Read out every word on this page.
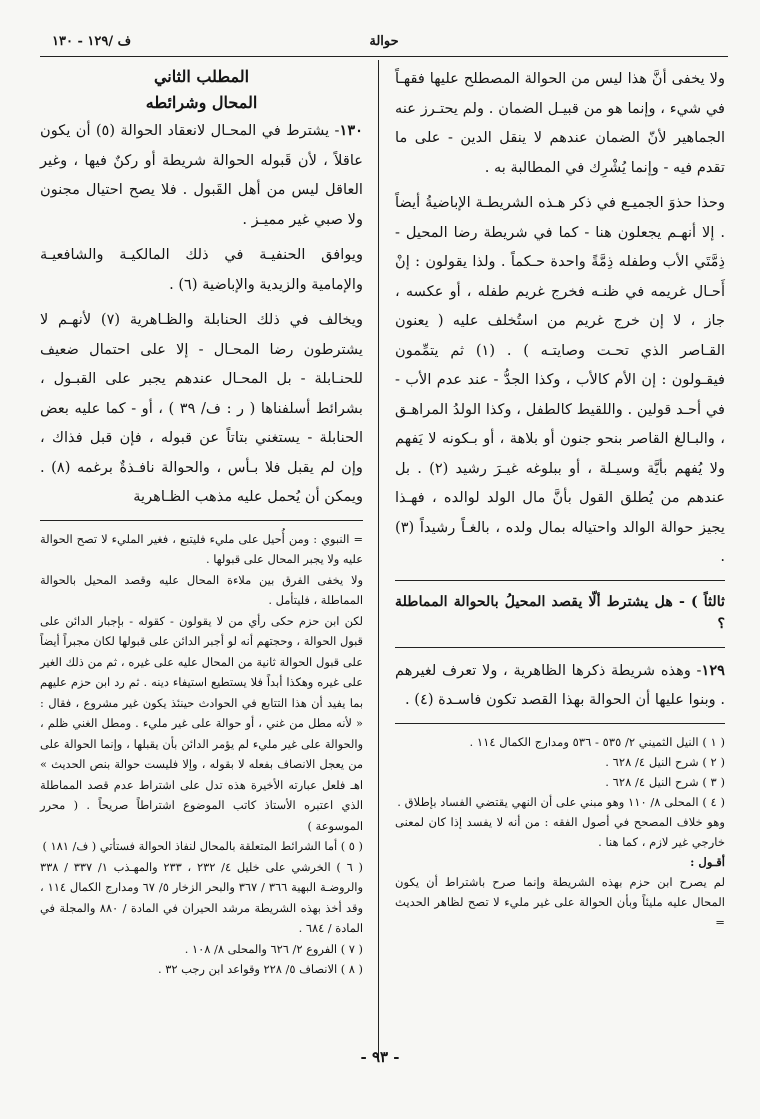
حوالة
ف /١٢٩ - ١٣٠

ولا يخفى أنَّ هذا ليس من الحوالة المصطلح عليها فقهـاً في شيء ، وإنما هو من قبيـل الضمان . ولم يحتـرز عنه الجماهير لأنّ الضمان عندهم لا ينقل الدين - على ما تقدم فيه - وإنما يُشْرِك في المطالبة به .

وحذا حذوَ الجميـع في ذكر هـذه الشريطـة الإباضيةُ أيضاً . إلا أنهـم يجعلون هنا - كما في شريطة رضا المحيل - ذِمَّتَي الأب وطفله ذِمَّةً واحدة حـكماً . ولذا يقولون : إنْ أَحـال غريمه في ظنـه فخرج غريم طفله ، أو عكسه ، جاز ، لا إن خرج غريم من استُخلف عليه ( يعنون القـاصر الذي تحـت وصايتـه ) . (١) ثم يتمِّمون فيقـولون : إن الأم كالأب ، وكذا الجدُّ - عند عدم الأب - في أحـد قولين . واللقيط كالطفل ، وكذا الولدُ المراهـق ، والبـالغ القاصر بنحو جنون أو بلاهة ، أو بـكونه لا يَفهم ولا يُفهم بأيَّة وسيـلة ، أو ببلوغه غيـرَ رشيد (٢) . بل عندهم من يُطلق القول بأنَّ مال الولد لوالده ، فهـذا يجيز حوالة الوالد واحتياله بمال ولده ، بالغـاً رشيداً (٣) .

ثالثاً ) - هل يشترط ألّا يقصد المحيلُ بالحوالة المماطلة ؟

١٢٩- وهذه شريطة ذكرها الظاهرية ، ولا تعرف لغيرهم . وبنوا عليها أن الحوالة بهذا القصد تكون فاسـدة (٤) .

( ١ ) النيل الثميني ٢/ ٥٣٥ - ٥٣٦ ومدارج الكمال ١١٤ .

( ٢ ) شرح النيل ٤/ ٦٢٨ .

( ٣ ) شرح النيل ٤/ ٦٢٨ .

( ٤ ) المحلى ٨/ ١١٠ وهو مبني على أن النهي يقتضي الفساد بإطلاق .

وهو خلاف المصحح في أصول الفقه : من أنه لا يفسد إذا كان لمعنى خارجي غير لازم ، كما هنا .

أقـول :

لم يصرح ابن حزم بهذه الشريطة وإنما صرح باشتراط أن يكون المحال عليه مليئاً وبأن الحوالة على غير مليء لا تصح لظاهر الحديث =

المطلب الثاني
المحال وشرائطه

١٣٠- يشترط في المحـال لانعقاد الحوالة (٥) أن يكون عاقلاً ، لأن قَبوله الحوالة شريطة أو ركنٌ فيها ، وغير العاقل ليس من أهل القَبول . فلا يصح احتيال مجنون ولا صبي غير مميـز .

ويوافق الحنفيـة في ذلك المالكيـة والشافعيـة والإمامية والزيدية والإباضية (٦) .

ويخالف في ذلك الحنابلة والظـاهرية (٧) لأنهـم لا يشترطون رضا المحـال - إلا على احتمال ضعيف للحنـابلة - بل المحـال عندهم يجبر على القبـول ، بشرائط أسلفناها ( ر : ف/ ٣٩ ) ، أو - كما عليه بعض الحنابلة - يستغني بتاتاً عن قبوله ، فإن قبل فذاك ، وإن لم يقبل فلا بـأس ، والحوالة نافـذةٌ برغمه (٨) . ويمكن أن يُحمل عليه مذهب الظـاهرية

= النبوي : ومن أُحيل على مليء فليتبع ، فغير المليء لا تصح الحوالة عليه ولا يجبر المحال على قبولها .

ولا يخفى الفرق بين ملاءة المحال عليه وقصد المحيل بالحوالة المماطلة ، فليتأمل .

لكن ابن حزم حكى رأي من لا يقولون - كقوله - بإجبار الدائن على قبول الحوالة ، وحجتهم أنه لو أجبر الدائن على قبولها لكان مجبراً أيضاً على قبول الحوالة ثانية من المحال عليه على غيره ، ثم من ذلك الغير على غيره وهكذا أبداً فلا يستطيع استيفاء دينه . ثم رد ابن حزم عليهم بما يفيد أن هذا التتابع في الحوادث حينئذ يكون غير مشروع ، فقال : « لأنه مطل من غني ، أو حوالة على غير مليء . ومطل الغني ظلم ، والحوالة على غير مليء لم يؤمر الدائن بأن يقبلها ، وإنما الحوالة على من يعجل الانصاف بفعله لا بقوله ، وإلا فليست حوالة بنص الحديث » اهـ فلعل عبارته الأخيرة هذه تدل على اشتراط عدم قصد المماطلة الذي اعتبره الأستاذ كاتب الموضوع اشتراطاً صريحاً . ( محرر الموسوعة )

( ٥ ) أما الشرائط المتعلقة بالمحال لنفاذ الحوالة فستأتي ( ف/ ١٨١ )

( ٦ ) الخرشي على خليل ٤/ ٢٣٢ ، ٢٣٣ والمهـذب ١/ ٣٣٧ / ٣٣٨ والروضـة البهية ٣٦٦ / ٣٦٧ والبحر الزخار ٥/ ٦٧ ومدارج الكمال ١١٤ ، وقد أخذ بهذه الشريطة مرشد الحيران في المادة / ٨٨٠ والمجلة في المادة / ٦٨٤ .

( ٧ ) الفروع ٢/ ٦٢٦ والمحلى ٨/ ١٠٨ .

( ٨ ) الانصاف ٥/ ٢٢٨ وقواعد ابن رجب ٣٢ .

- ٩٣ -
